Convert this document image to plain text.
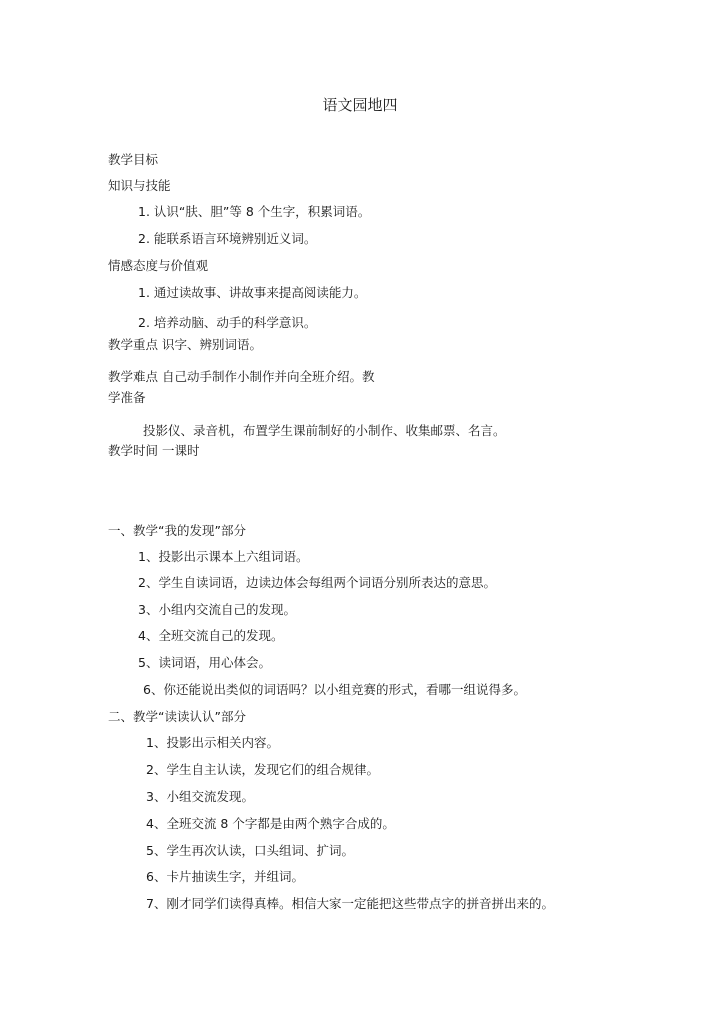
语文园地四
教学目标
知识与技能
1. 认识“肤、胆”等 8 个生字，积累词语。
2. 能联系语言环境辨别近义词。
情感态度与价值观
1. 通过读故事、讲故事来提高阅读能力。
2. 培养动脑、动手的科学意识。
教学重点 识字、辨别词语。
教学难点 自己动手制作小制作并向全班介绍。教
学准备
投影仪、录音机，布置学生课前制好的小制作、收集邮票、名言。
教学时间 一课时
一、教学“我的发现”部分
1、投影出示课本上六组词语。
2、学生自读词语，边读边体会每组两个词语分别所表达的意思。
3、小组内交流自己的发现。
4、全班交流自己的发现。
5、读词语，用心体会。
6、你还能说出类似的词语吗？以小组竞赛的形式，看哪一组说得多。
二、教学“读读认认”部分
1、投影出示相关内容。
2、学生自主认读，发现它们的组合规律。
3、小组交流发现。
4、全班交流 8 个字都是由两个熟字合成的。
5、学生再次认读，口头组词、扩词。
6、卡片抽读生字，并组词。
7、刚才同学们读得真棒。相信大家一定能把这些带点字的拼音拼出来的。
